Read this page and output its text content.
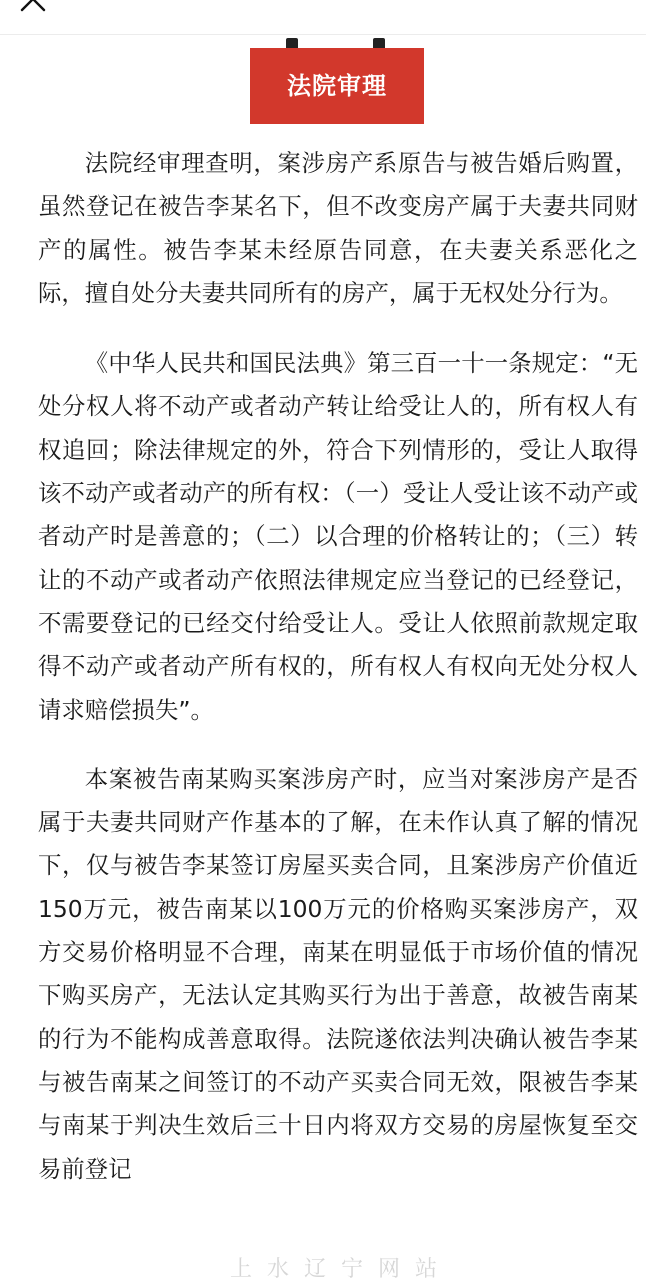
法院审理

法院经审理查明，案涉房产系原告与被告婚后购置，虽然登记在被告李某名下，但不改变房产属于夫妻共同财产的属性。被告李某未经原告同意，在夫妻关系恶化之际，擅自处分夫妻共同所有的房产，属于无权处分行为。

《中华人民共和国民法典》第三百一十一条规定：“无处分权人将不动产或者动产转让给受让人的，所有权人有权追回；除法律规定的外，符合下列情形的，受让人取得该不动产或者动产的所有权：（一）受让人受让该不动产或者动产时是善意的；（二）以合理的价格转让的；（三）转让的不动产或者动产依照法律规定应当登记的已经登记，不需要登记的已经交付给受让人。受让人依照前款规定取得不动产或者动产所有权的，所有权人有权向无处分权人请求赔偿损失”。

本案被告南某购买案涉房产时，应当对案涉房产是否属于夫妻共同财产作基本的了解，在未作认真了解的情况下，仅与被告李某签订房屋买卖合同，且案涉房产价值近150万元，被告南某以100万元的价格购买案涉房产，双方交易价格明显不合理，南某在明显低于市场价值的情况下购买房产，无法认定其购买行为出于善意，故被告南某的行为不能构成善意取得。法院遂依法判决确认被告李某与被告南某之间签订的不动产买卖合同无效，限被告李某与南某于判决生效后三十日内将双方交易的房屋恢复至交易前登记

上 水 辽 宁 网 站
